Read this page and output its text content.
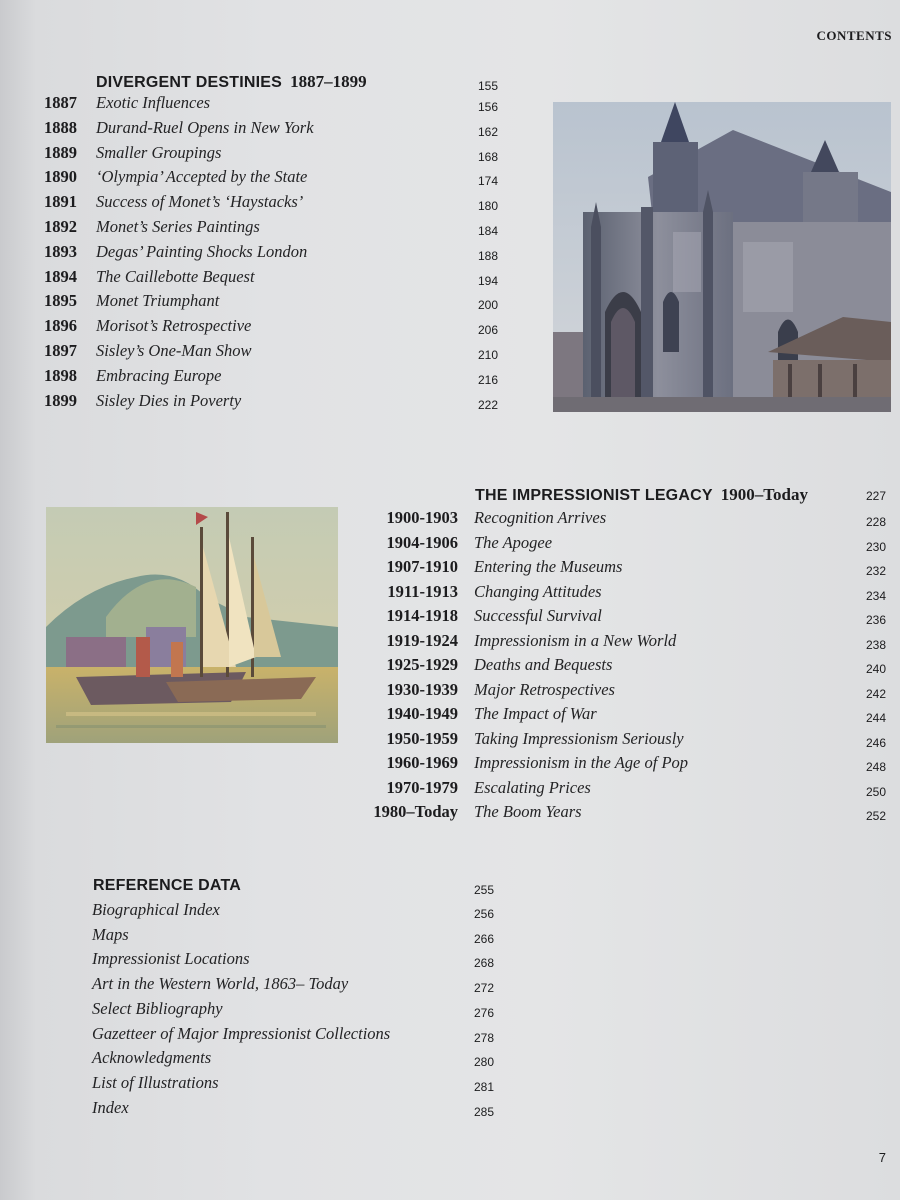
CONTENTS
DIVERGENT DESTINIES 1887–1899	155
1887	Exotic Influences	156
1888	Durand-Ruel Opens in New York	162
1889	Smaller Groupings	168
1890	‘Olympia’ Accepted by the State	174
1891	Success of Monet’s ‘Haystacks’	180
1892	Monet’s Series Paintings	184
1893	Degas’ Painting Shocks London	188
1894	The Caillebotte Bequest	194
1895	Monet Triumphant	200
1896	Morisot’s Retrospective	206
1897	Sisley’s One-Man Show	210
1898	Embracing Europe	216
1899	Sisley Dies in Poverty	222
THE IMPRESSIONIST LEGACY 1900–Today	227
1900-1903 Recognition Arrives	228
1904-1906 The Apogee	230
1907-1910 Entering the Museums	232
1911-1913 Changing Attitudes	234
1914-1918 Successful Survival	236
1919-1924 Impressionism in a New World	238
1925-1929 Deaths and Bequests	240
1930-1939 Major Retrospectives	242
1940-1949 The Impact of War	244
1950-1959 Taking Impressionism Seriously	246
1960-1969 Impressionism in the Age of Pop	248
1970-1979 Escalating Prices	250
1980–Today The Boom Years	252
REFERENCE DATA	255
Biographical Index	256
Maps	266
Impressionist Locations	268
Art in the Western World, 1863– Today	272
Select Bibliography	276
Gazetteer of Major Impressionist Collections	278
Acknowledgments	280
List of Illustrations	281
Index	285
7
